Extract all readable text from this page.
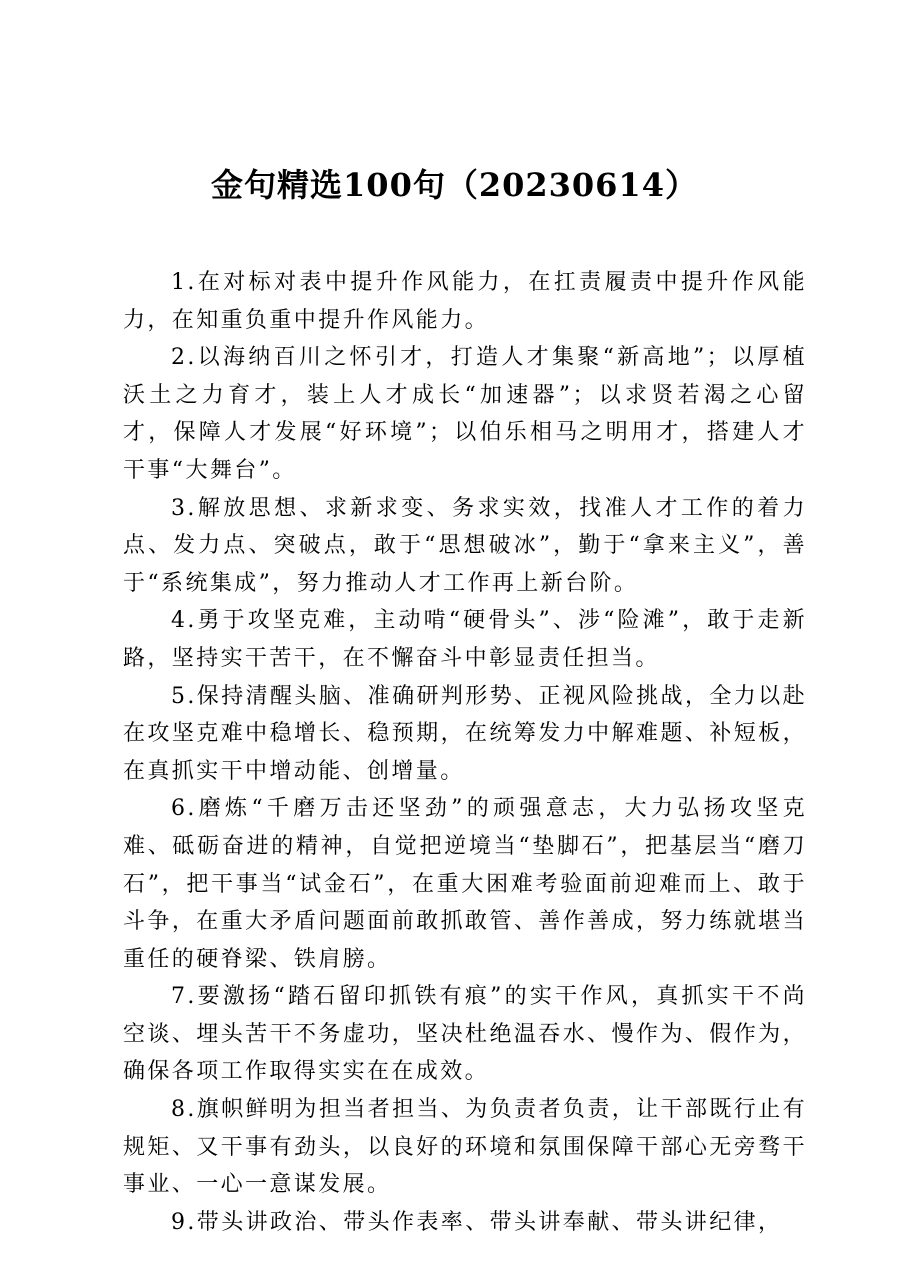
金句精选100句（20230614）

1.在对标对表中提升作风能力，在扛责履责中提升作风能力，在知重负重中提升作风能力。

2.以海纳百川之怀引才，打造人才集聚“新高地”；以厚植沃土之力育才，装上人才成长“加速器”；以求贤若渴之心留才，保障人才发展“好环境”；以伯乐相马之明用才，搭建人才干事“大舞台”。

3.解放思想、求新求变、务求实效，找准人才工作的着力点、发力点、突破点，敢于“思想破冰”，勤于“拿来主义”，善于“系统集成”，努力推动人才工作再上新台阶。

4.勇于攻坚克难，主动啃“硬骨头”、涉“险滩”，敢于走新路，坚持实干苦干，在不懈奋斗中彰显责任担当。

5.保持清醒头脑、准确研判形势、正视风险挑战，全力以赴在攻坚克难中稳增长、稳预期，在统筹发力中解难题、补短板，在真抓实干中增动能、创增量。

6.磨炼“千磨万击还坚劲”的顽强意志，大力弘扬攻坚克难、砥砺奋进的精神，自觉把逆境当“垫脚石”，把基层当“磨刀石”，把干事当“试金石”，在重大困难考验面前迎难而上、敢于斗争，在重大矛盾问题面前敢抓敢管、善作善成，努力练就堪当重任的硬脊梁、铁肩膀。

7.要激扬“踏石留印抓铁有痕”的实干作风，真抓实干不尚空谈、埋头苦干不务虚功，坚决杜绝温吞水、慢作为、假作为，确保各项工作取得实实在在成效。

8.旗帜鲜明为担当者担当、为负责者负责，让干部既行止有规矩、又干事有劲头，以良好的环境和氛围保障干部心无旁骛干事业、一心一意谋发展。

9.带头讲政治、带头作表率、带头讲奉献、带头讲纪律，
